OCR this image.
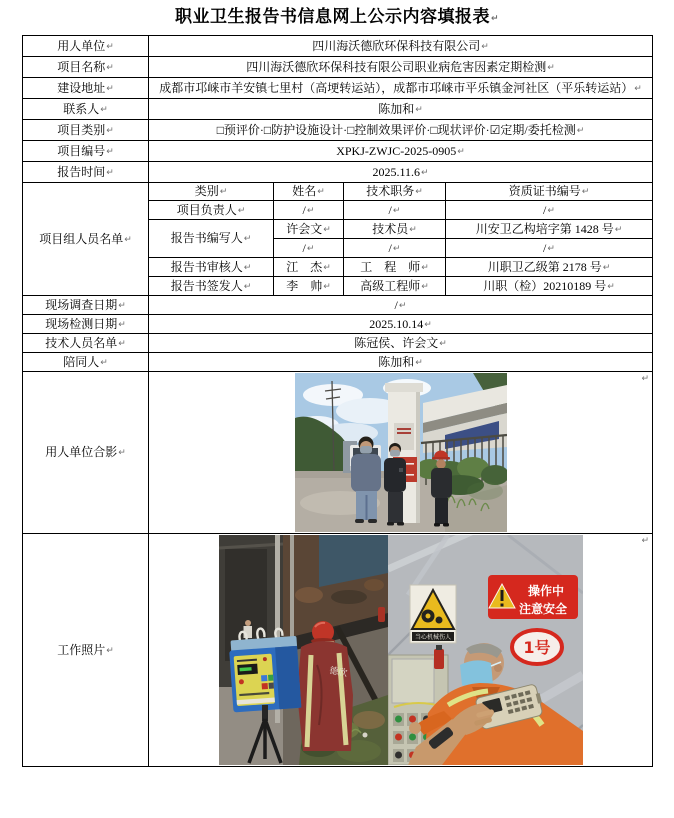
职业卫生报告书信息网上公示内容填报表 ↵
用人单位 ↵	四川海沃德欣环保科技有限公司 ↵
项目名称 ↵	四川海沃德欣环保科技有限公司职业病危害因素定期检测 ↵
建设地址 ↵	成都市邛崃市羊安镇七里村（高埂转运站），成都市邛崃市平乐镇金河社区（平乐转运站） ↵
联系人 ↵	陈加和 ↵
项目类别 ↵	□预评价·□防护设施设计·□控制效果评价·□现状评价·☑定期/委托检测 ↵
项目编号 ↵	XPKJ-ZWJC-2025-0905 ↵
报告时间 ↵	2025.11.6 ↵
项目组人员名单 ↵	类别 ↵	姓名 ↵	技术职务 ↵	资质证书编号 ↵
	项目负责人 ↵	/ ↵	/ ↵	/ ↵
	报告书编写人 ↵	许会文 ↵	技术员 ↵	川安卫乙构培字第 1428 号 ↵
		/ ↵	/ ↵	/ ↵
	报告书审核人 ↵	江　杰 ↵	工　程　师 ↵	川职卫乙级第 2178 号 ↵
	报告书签发人 ↵	李　帅 ↵	高级工程师 ↵	川职（检）20210189 号 ↵
现场调查日期 ↵	/ ↵
现场检测日期 ↵	2025.10.14 ↵
技术人员名单 ↵	陈冠侯、许会文 ↵
陪同人 ↵	陈加和 ↵
用人单位合影 ↵	
↵
工作照片 ↵	德欣
当心机械伤人
操作中
注意安全
1号
↵
